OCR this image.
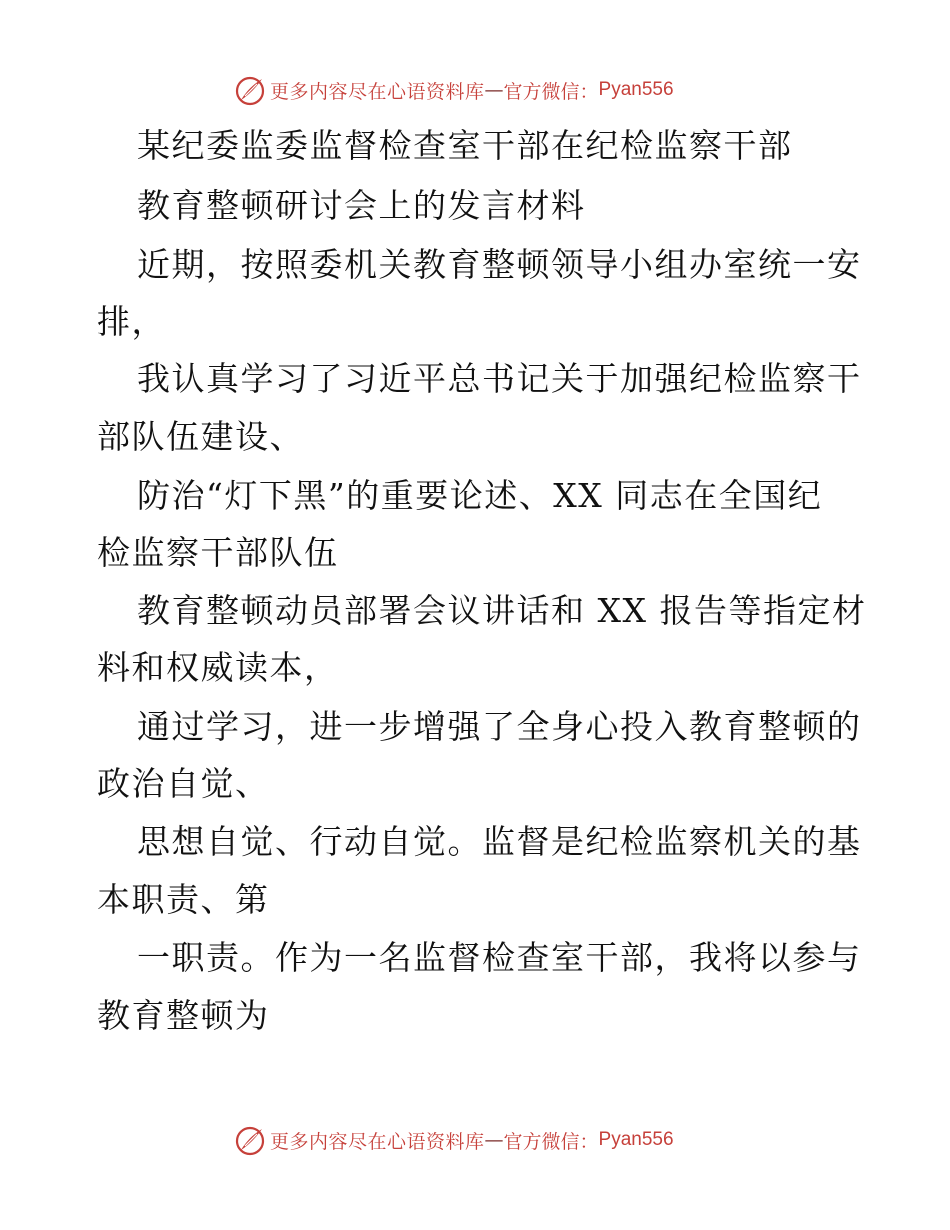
更多内容尽在心语资料库 — 官方微信： Pyan556
某纪委监委监督检查室干部在纪检监察干部
教育整顿研讨会上的发言材料
近期，按照委机关教育整顿领导小组办室统一安
排，
我认真学习了习近平总书记关于加强纪检监察干
部队伍建设、
防治“灯下黑”的重要论述、XX 同志在全国纪
检监察干部队伍
教育整顿动员部署会议讲话和 XX 报告等指定材
料和权威读本，
通过学习，进一步增强了全身心投入教育整顿的
政治自觉、
思想自觉、行动自觉。监督是纪检监察机关的基
本职责、第
一职责。作为一名监督检查室干部，我将以参与
教育整顿为
更多内容尽在心语资料库 — 官方微信： Pyan556
